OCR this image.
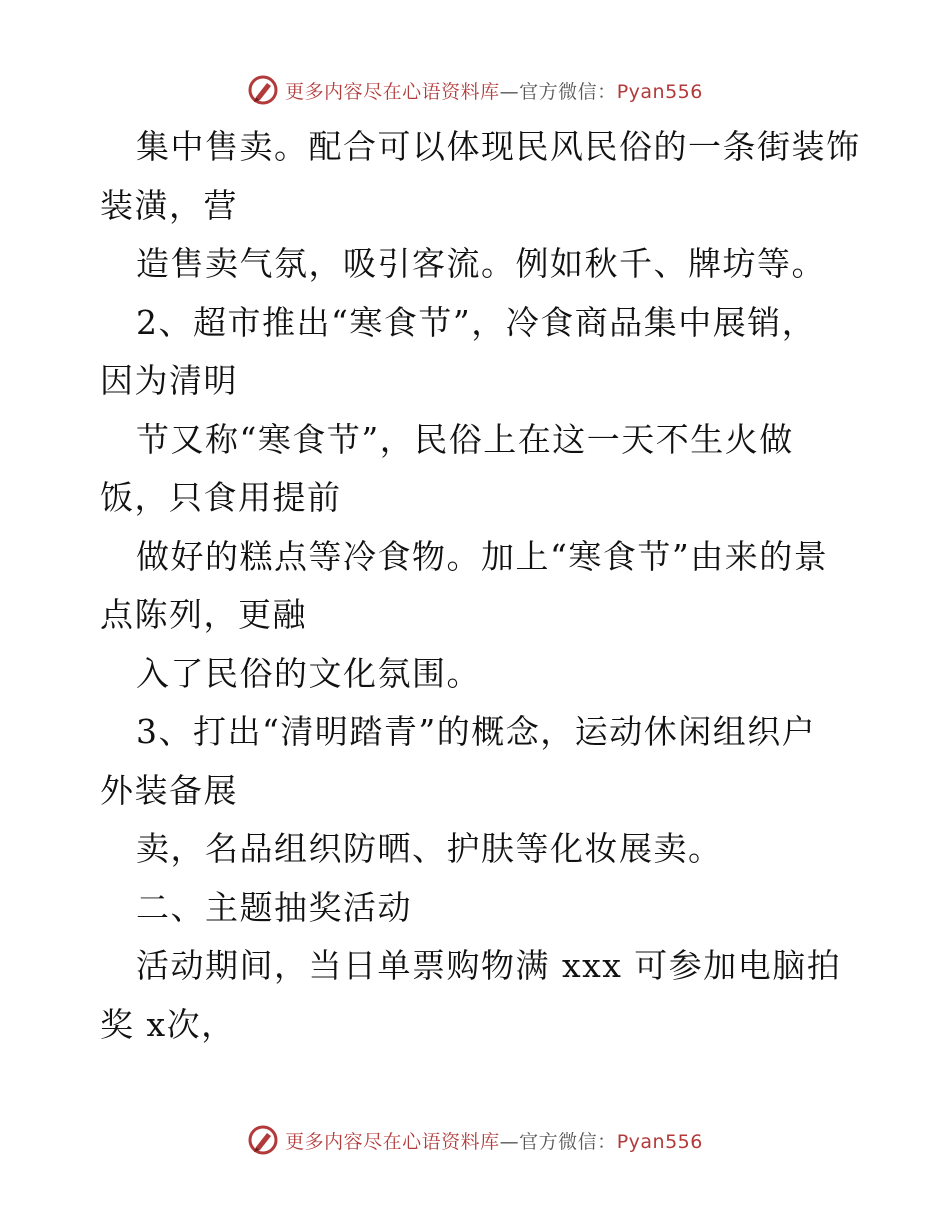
更多内容尽在心语资料库—官方微信：Pyan556
集中售卖。配合可以体现民风民俗的一条街装饰
装潢，营
造售卖气氛，吸引客流。例如秋千、牌坊等。
2、超市推出“寒食节”，冷食商品集中展销，
因为清明
节又称“寒食节”，民俗上在这一天不生火做
饭，只食用提前
做好的糕点等冷食物。加上“寒食节”由来的景
点陈列，更融
入了民俗的文化氛围。
3、打出“清明踏青”的概念，运动休闲组织户
外装备展
卖，名品组织防晒、护肤等化妆展卖。
二、主题抽奖活动
活动期间，当日单票购物满 xxx 可参加电脑拍
奖 x次，
更多内容尽在心语资料库—官方微信：Pyan556
